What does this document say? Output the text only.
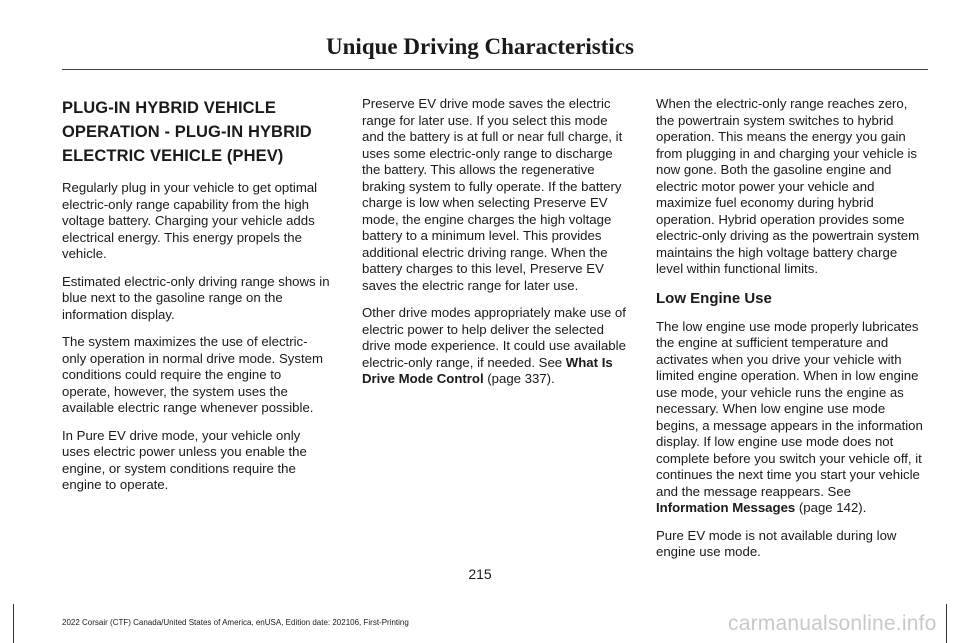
Unique Driving Characteristics
PLUG-IN HYBRID VEHICLE
OPERATION - PLUG-IN HYBRID
ELECTRIC VEHICLE (PHEV)

Regularly plug in your vehicle to get optimal electric-only range capability from the high voltage battery. Charging your vehicle adds electrical energy. This energy propels the vehicle.

Estimated electric-only driving range shows in blue next to the gasoline range on the information display.

The system maximizes the use of electric-only operation in normal drive mode. System conditions could require the engine to operate, however, the system uses the available electric range whenever possible.

In Pure EV drive mode, your vehicle only uses electric power unless you enable the engine, or system conditions require the engine to operate.

Preserve EV drive mode saves the electric range for later use. If you select this mode and the battery is at full or near full charge, it uses some electric-only range to discharge the battery. This allows the regenerative braking system to fully operate. If the battery charge is low when selecting Preserve EV mode, the engine charges the high voltage battery to a minimum level. This provides additional electric driving range. When the battery charges to this level, Preserve EV saves the electric range for later use.

Other drive modes appropriately make use of electric power to help deliver the selected drive mode experience. It could use available electric-only range, if needed. See What Is Drive Mode Control (page 337).

When the electric-only range reaches zero, the powertrain system switches to hybrid operation. This means the energy you gain from plugging in and charging your vehicle is now gone. Both the gasoline engine and electric motor power your vehicle and maximize fuel economy during hybrid operation. Hybrid operation provides some electric-only driving as the powertrain system maintains the high voltage battery charge level within functional limits.

Low Engine Use

The low engine use mode properly lubricates the engine at sufficient temperature and activates when you drive your vehicle with limited engine operation. When in low engine use mode, your vehicle runs the engine as necessary. When low engine use mode begins, a message appears in the information display. If low engine use mode does not complete before you switch your vehicle off, it continues the next time you start your vehicle and the message reappears. See Information Messages (page 142).

Pure EV mode is not available during low engine use mode.

215
2022 Corsair (CTF) Canada/United States of America, enUSA, Edition date: 202106, First-Printing	carmanualsonline.info
